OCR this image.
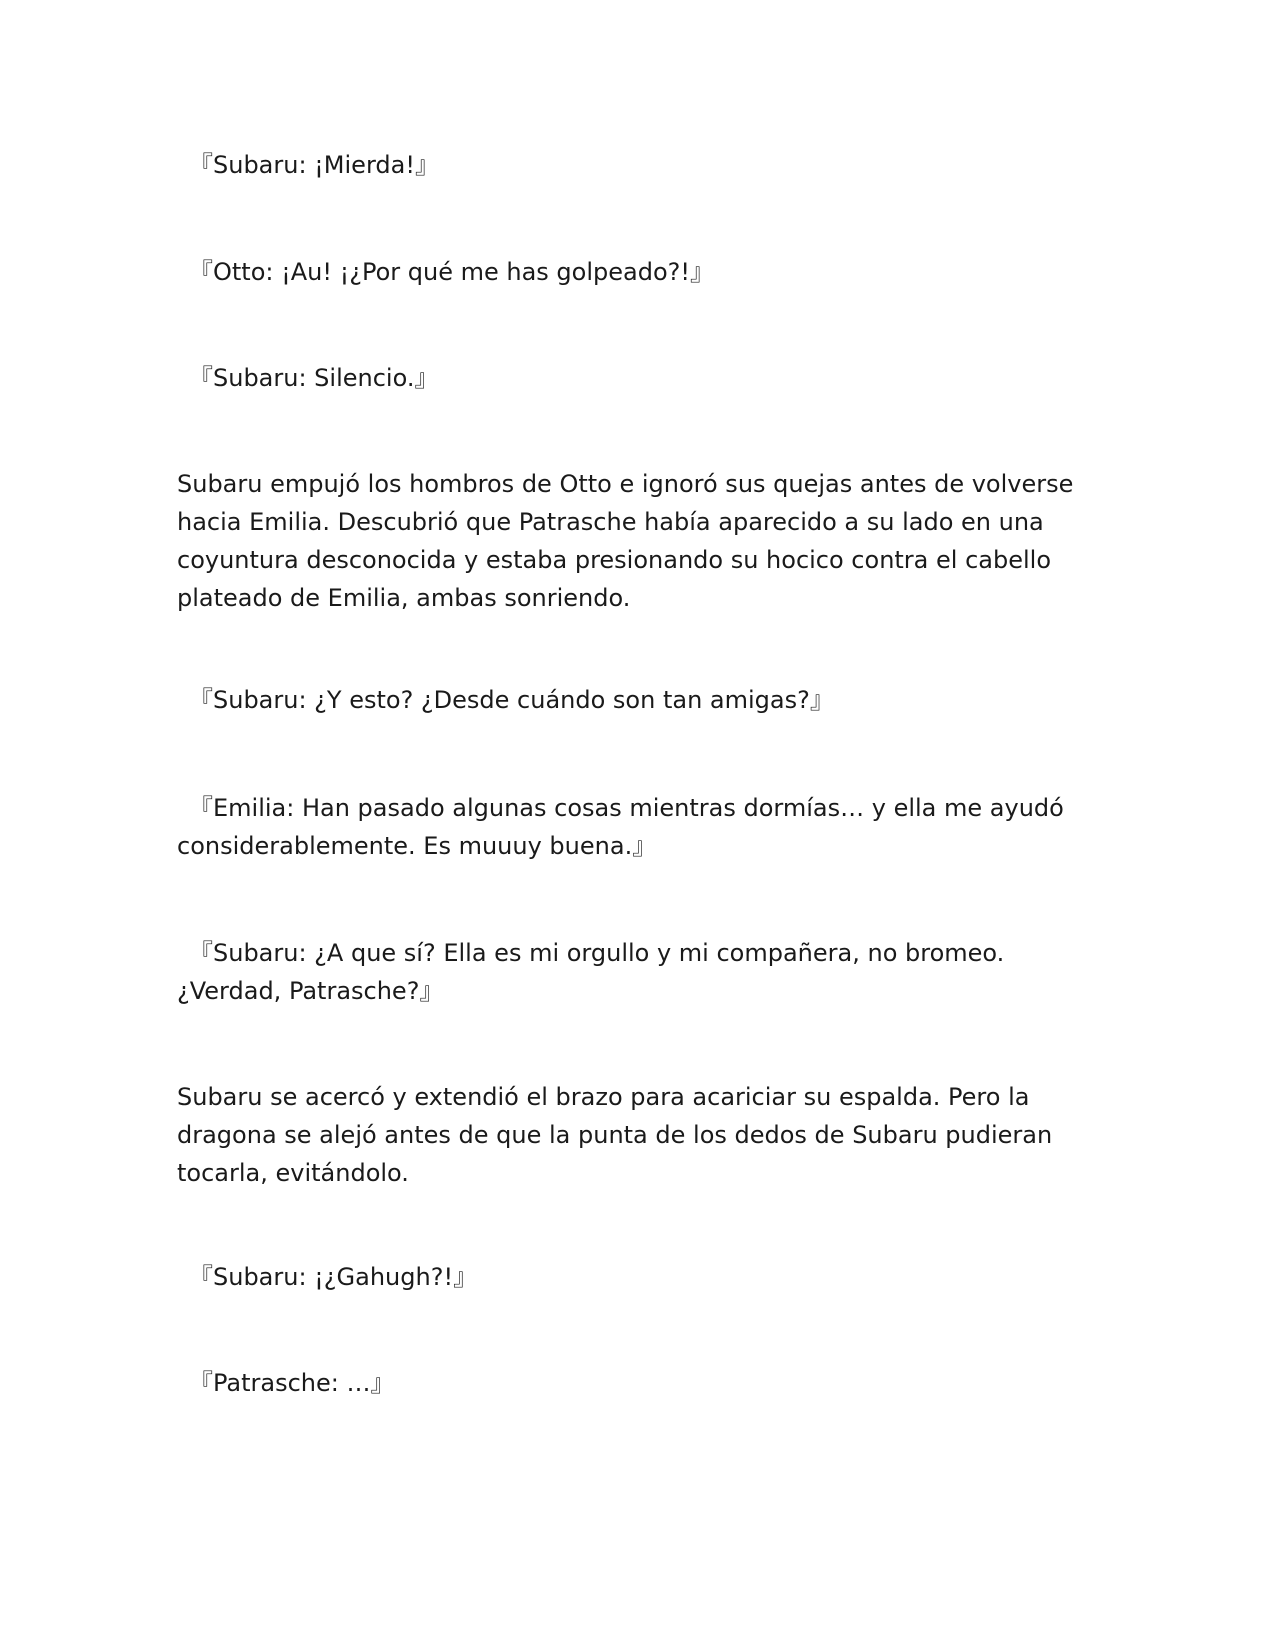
『Subaru: ¡Mierda!』

『Otto: ¡Au! ¡¿Por qué me has golpeado?!』

『Subaru: Silencio.』

Subaru empujó los hombros de Otto e ignoró sus quejas antes de volverse
hacia Emilia. Descubrió que Patrasche había aparecido a su lado en una
coyuntura desconocida y estaba presionando su hocico contra el cabello
plateado de Emilia, ambas sonriendo.

『Subaru: ¿Y esto? ¿Desde cuándo son tan amigas?』

『Emilia: Han pasado algunas cosas mientras dormías… y ella me ayudó
considerablemente. Es muuuy buena.』

『Subaru: ¿A que sí? Ella es mi orgullo y mi compañera, no bromeo.
¿Verdad, Patrasche?』

Subaru se acercó y extendió el brazo para acariciar su espalda. Pero la
dragona se alejó antes de que la punta de los dedos de Subaru pudieran
tocarla, evitándolo.

『Subaru: ¡¿Gahugh?!』

『Patrasche: …』
